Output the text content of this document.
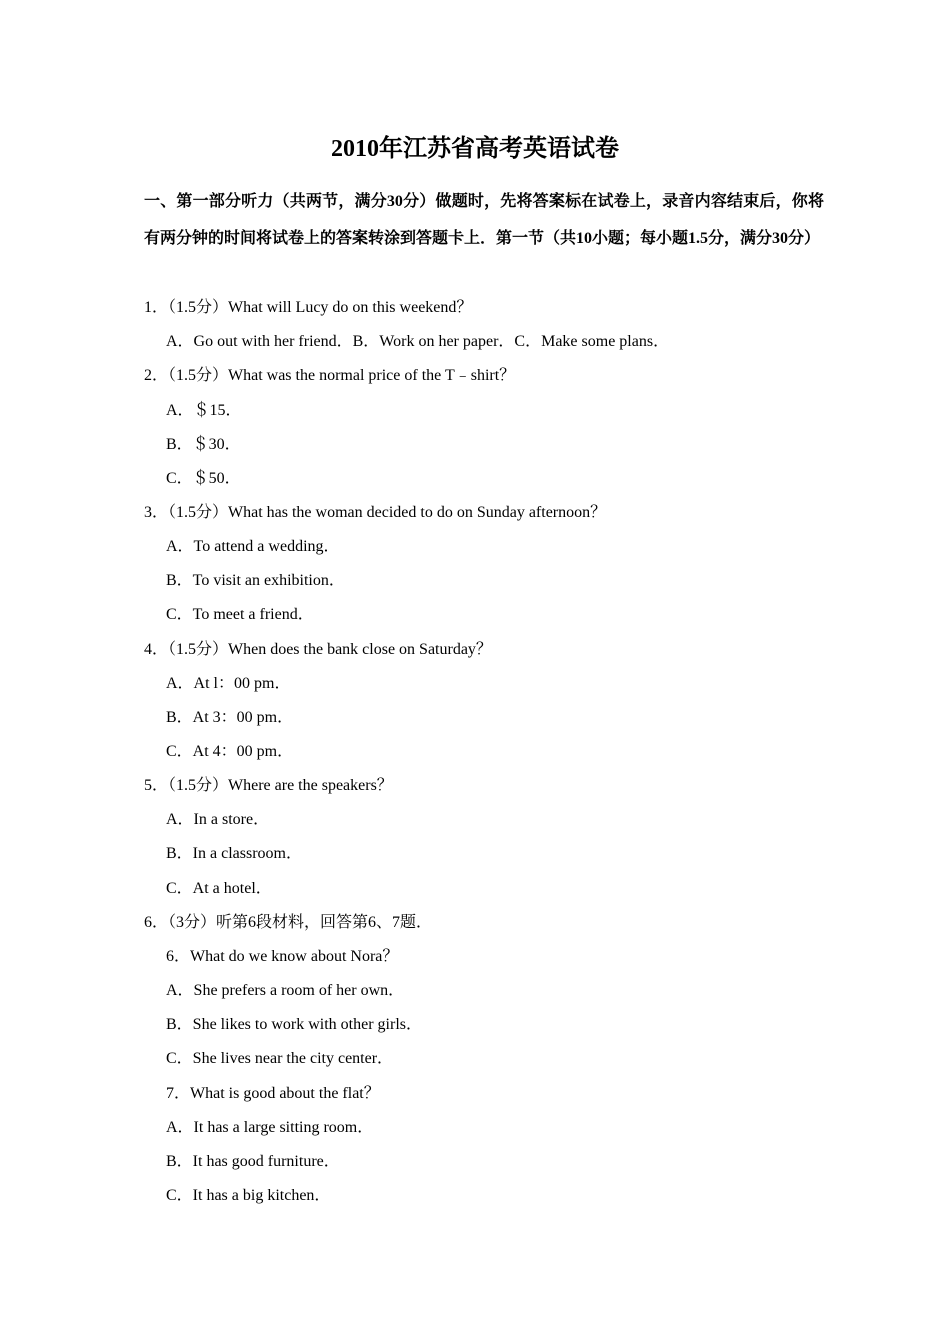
2010年江苏省高考英语试卷
一、第一部分听力（共两节，满分30分）做题时，先将答案标在试卷上，录音内容结束后，你将有两分钟的时间将试卷上的答案转涂到答题卡上．第一节（共10小题；每小题1.5分，满分30分）
1．（1.5分）What will Lucy do on this weekend？
A．Go out with her friend．B．Work on her paper．C．Make some plans．
2．（1.5分）What was the normal price of the T﹣shirt？
A．＄15．
B．＄30．
C．＄50．
3．（1.5分）What has the woman decided to do on Sunday afternoon？
A．To attend a wedding．
B．To visit an exhibition．
C．To meet a friend．
4．（1.5分）When does the bank close on Saturday？
A．At l：00 pm．
B．At 3：00 pm．
C．At 4：00 pm．
5．（1.5分）Where are the speakers？
A．In a store．
B．In a classroom．
C．At a hotel．
6．（3分）听第6段材料，回答第6、7题．
6．What do we know about Nora？
A．She prefers a room of her own．
B．She likes to work with other girls．
C．She lives near the city center．
7．What is good about the flat？
A．It has a large sitting room．
B．It has good furniture．
C．It has a big kitchen．
